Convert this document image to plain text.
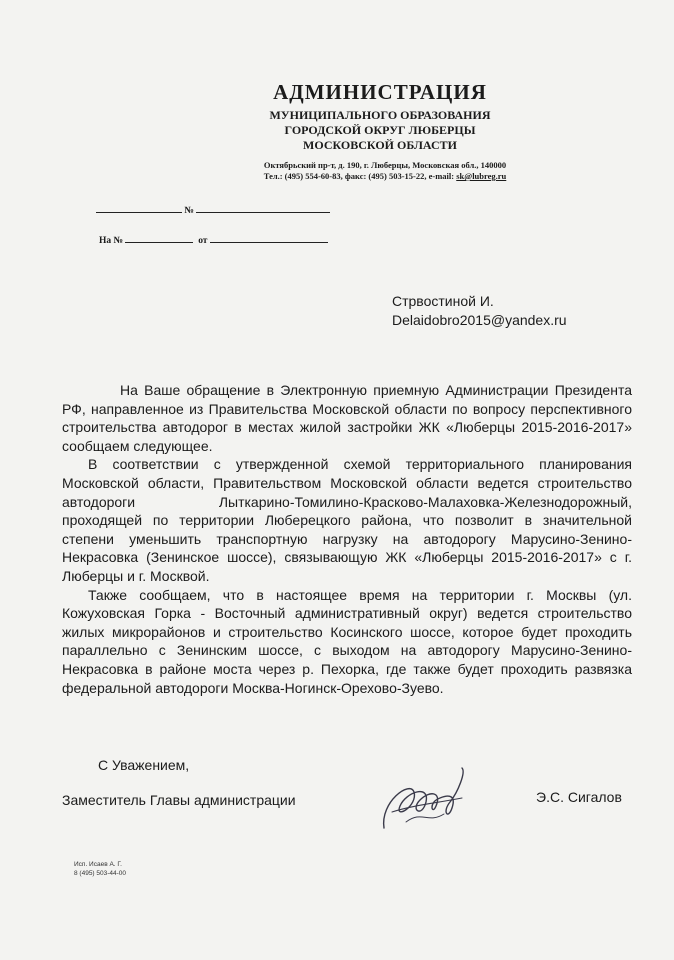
АДМИНИСТРАЦИЯ
МУНИЦИПАЛЬНОГО ОБРАЗОВАНИЯ
ГОРОДСКОЙ ОКРУГ ЛЮБЕРЦЫ
МОСКОВСКОЙ ОБЛАСТИ
Октябрьский пр-т, д. 190, г. Люберцы, Московская обл., 140000
Тел.: (495) 554-60-83, факс: (495) 503-15-22, e-mail: sk@lubreg.ru
№
На №	от
Стрвостиной И.
Delaidobro2015@yandex.ru

На Ваше обращение в Электронную приемную Администрации Президента РФ, направленное из Правительства Московской области по вопросу перспективного строительства автодорог в местах жилой застройки ЖК «Люберцы 2015-2016-2017» сообщаем следующее.

В соответствии с утвержденной схемой территориального планирования Московской области, Правительством Московской области ведется строительство автодороги Лыткарино-Томилино-Красково-Малаховка-Железнодорожный, проходящей по территории Люберецкого района, что позволит в значительной степени уменьшить транспортную нагрузку на автодорогу Марусино-Зенино-Некрасовка (Зенинское шоссе), связывающую ЖК «Люберцы 2015-2016-2017» с г. Люберцы и г. Москвой.

Также сообщаем, что в настоящее время на территории г. Москвы (ул. Кожуховская Горка - Восточный административный округ) ведется строительство жилых микрорайонов и строительство Косинского шоссе, которое будет проходить параллельно с Зенинским шоссе, с выходом на автодорогу Марусино-Зенино-Некрасовка в районе моста через р. Пехорка, где также будет проходить развязка федеральной автодороги Москва-Ногинск-Орехово-Зуево.

С Уважением,
Заместитель Главы администрации	Э.С. Сигалов
Исп. Исаев А. Г.
8 (495) 503-44-00
